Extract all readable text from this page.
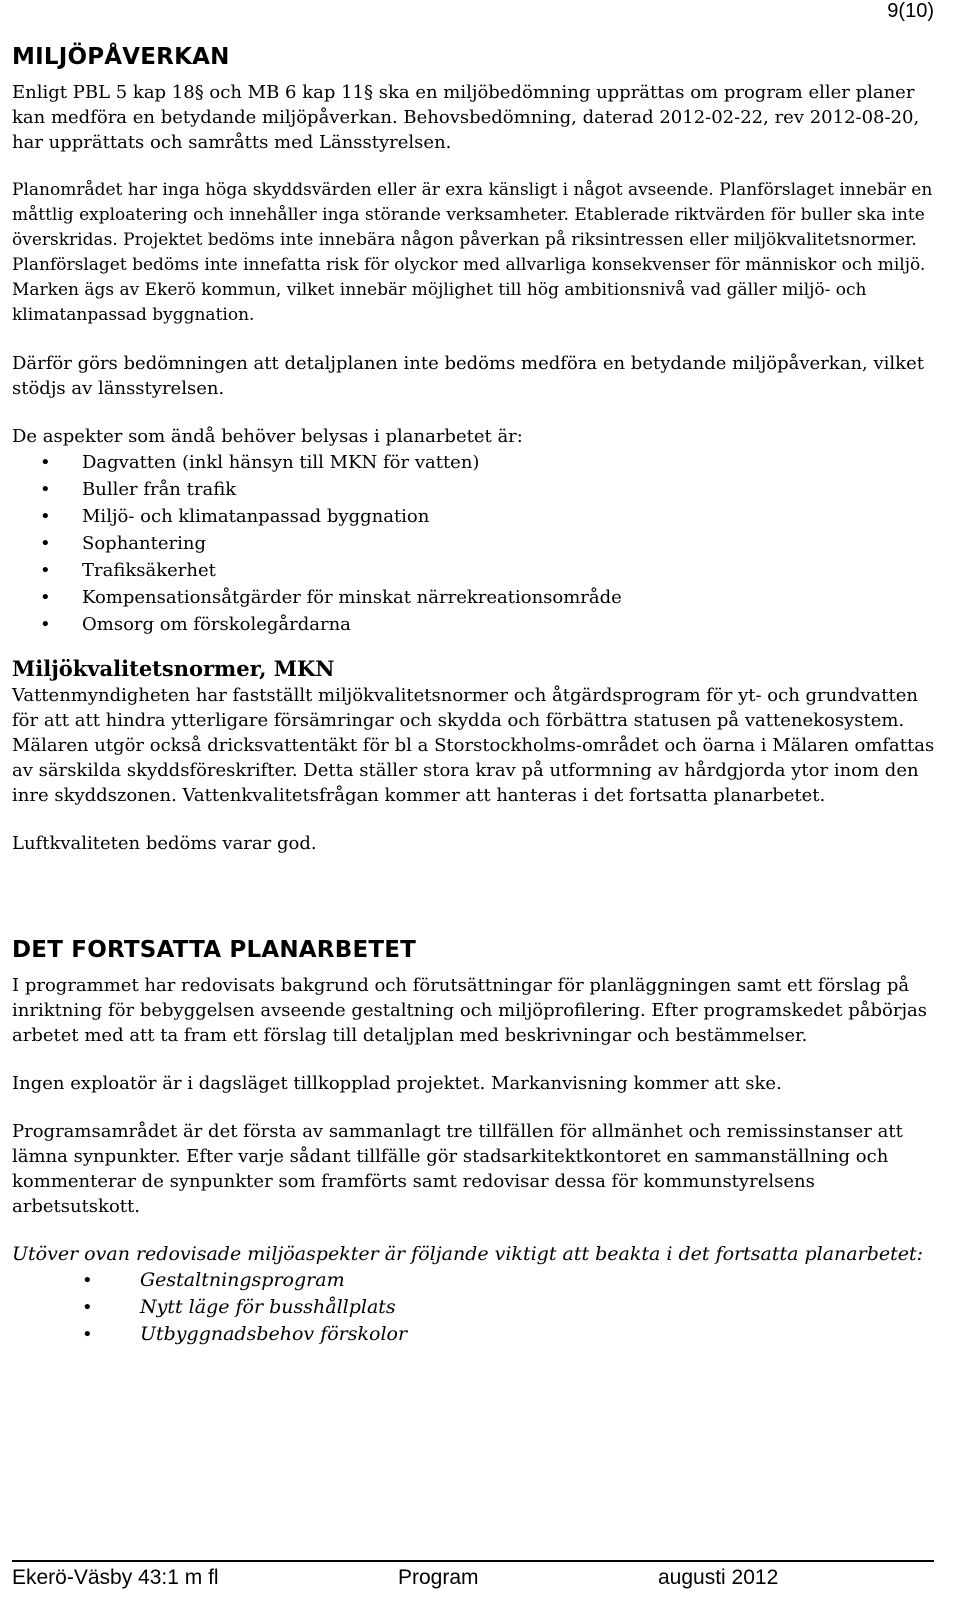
9(10)
MILJÖPÅVERKAN

Enligt PBL 5 kap 18§ och MB 6 kap 11§ ska en miljöbedömning upprättas om program eller planer kan medföra en betydande miljöpåverkan. Behovsbedömning, daterad 2012-02-22, rev 2012-08-20, har upprättats och samråtts med Länsstyrelsen.

Planområdet har inga höga skyddsvärden eller är exra känsligt i något avseende. Planförslaget innebär en måttlig exploatering och innehåller inga störande verksamheter. Etablerade riktvärden för buller ska inte överskridas. Projektet bedöms inte innebära någon påverkan på riksintressen eller miljökvalitetsnormer. Planförslaget bedöms inte innefatta risk för olyckor med allvarliga konsekvenser för människor och miljö. Marken ägs av Ekerö kommun, vilket innebär möjlighet till hög ambitionsnivå vad gäller miljö- och klimatanpassad byggnation.

Därför görs bedömningen att detaljplanen inte bedöms medföra en betydande miljöpåverkan, vilket stödjs av länsstyrelsen.

De aspekter som ändå behöver belysas i planarbetet är:

• Dagvatten (inkl hänsyn till MKN för vatten)
• Buller från trafik
• Miljö- och klimatanpassad byggnation
• Sophantering
• Trafiksäkerhet
• Kompensationsåtgärder för minskat närrekreationsområde
• Omsorg om förskolegårdarna
Miljökvalitetsnormer, MKN

Vattenmyndigheten har fastställt miljökvalitetsnormer och åtgärdsprogram för yt- och grundvatten för att att hindra ytterligare försämringar och skydda och förbättra statusen på vattenekosystem. Mälaren utgör också dricksvattentäkt för bl a Storstockholms-området och öarna i Mälaren omfattas av särskilda skyddsföreskrifter. Detta ställer stora krav på utformning av hårdgjorda ytor inom den inre skyddszonen. Vattenkvalitetsfrågan kommer att hanteras i det fortsatta planarbetet.

Luftkvaliteten bedöms varar god.

DET FORTSATTA PLANARBETET

I programmet har redovisats bakgrund och förutsättningar för planläggningen samt ett förslag på inriktning för bebyggelsen avseende gestaltning och miljöprofilering. Efter programskedet påbörjas arbetet med att ta fram ett förslag till detaljplan med beskrivningar och bestämmelser.

Ingen exploatör är i dagsläget tillkopplad projektet. Markanvisning kommer att ske.

Programsamrådet är det första av sammanlagt tre tillfällen för allmänhet och remissinstanser att lämna synpunkter. Efter varje sådant tillfälle gör stadsarkitektkontoret en sammanställning och kommenterar de synpunkter som framförts samt redovisar dessa för kommunstyrelsens arbetsutskott.

Utöver ovan redovisade miljöaspekter är följande viktigt att beakta i det fortsatta planarbetet:

• Gestaltningsprogram
• Nytt läge för busshållplats
• Utbyggnadsbehov förskolor
Ekerö-Väsby 43:1 m fl	Program	augusti 2012
